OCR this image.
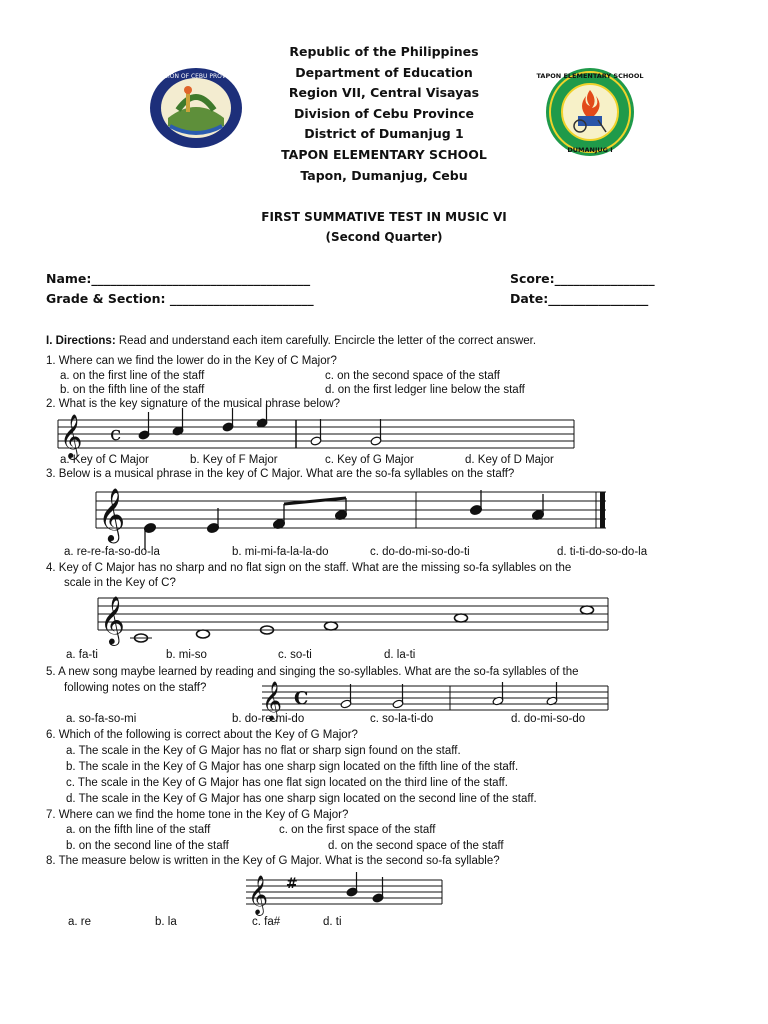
DIVISION OF CEBU PROVINCE	TAPON ELEMENTARY SCHOOL
DUMANJUG I
Republic of the Philippines
Department of Education
Region VII, Central Visayas
Division of Cebu Province
District of Dumanjug 1
TAPON ELEMENTARY SCHOOL
Tapon, Dumanjug, Cebu
FIRST SUMMATIVE TEST IN MUSIC VI
(Second Quarter)
Name:___________________________________
Grade & Section: _______________________
Score:________________
Date:________________
I. Directions: Read and understand each item carefully. Encircle the letter of the correct answer.
1. Where can we find the lower do in the Key of C Major?
a. on the first line of the staff
b. on the fifth line of the staff
c. on the second space of the staff
d. on the first ledger line below the staff
2. What is the key signature of the musical phrase below?
𝄞 c
a. Key of C Major	b. Key of F Major	c. Key of G Major	d. Key of D Major
3. Below is a musical phrase in the key of C Major. What are the so-fa syllables on the staff?
𝄞
a. re-re-fa-so-do-la	b. mi-mi-fa-la-la-do	c. do-do-mi-so-do-ti	d. ti-ti-do-so-do-la
4. Key of C Major has no sharp and no flat sign on the staff. What are the missing so-fa syllables on the
scale in the Key of C?
𝄞
a. fa-ti	b. mi-so	c. so-ti	d. la-ti
5. A new song maybe learned by reading and singing the so-syllables. What are the so-fa syllables of the
following notes on the staff? 𝄞 C
a. so-fa-so-mi	b. do-re-mi-do	c. so-la-ti-do	d. do-mi-so-do
6. Which of the following is correct about the Key of G Major?
a. The scale in the Key of G Major has no flat or sharp sign found on the staff.
b. The scale in the Key of G Major has one sharp sign located on the fifth line of the staff.
c. The scale in the Key of G Major has one flat sign located on the third line of the staff.
d. The scale in the Key of G Major has one sharp sign located on the second line of the staff.
7. Where can we find the home tone in the Key of G Major?
a. on the fifth line of the staff
b. on the second line of the staff
c. on the first space of the staff
d. on the second space of the staff
8. The measure below is written in the Key of G Major. What is the second so-fa syllable?
𝄞 #
a. re	b. la	c. fa#	d. ti
